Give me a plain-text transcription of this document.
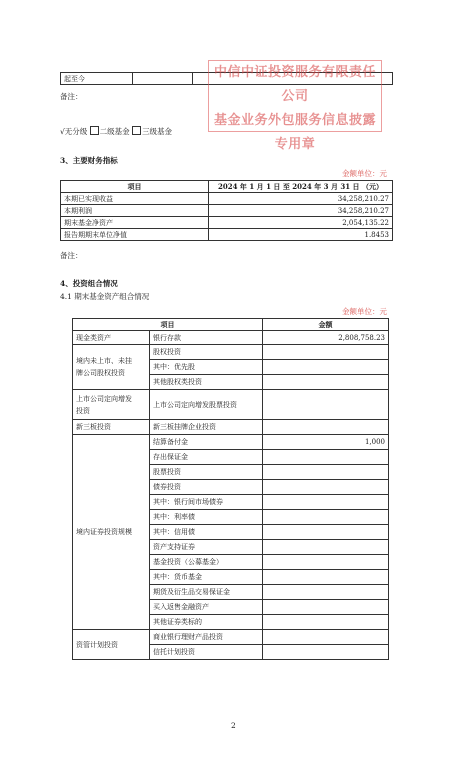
起至今		
备注：
中信中证投资服务有限责任公司
基金业务外包服务信息披露专用章
√无分级 二级基金 三级基金
3、主要财务指标
金额单位：元
项目	2024 年 1 月 1 日 至 2024 年 3 月 31 日 （元）
本期已实现收益	34,258,210.27
本期利润	34,258,210.27
期末基金净资产	2,054,135.22
报告期期末单位净值	1.8453
备注：
4、投资组合情况
4.1 期末基金资产组合情况
金额单位：元
项目		金额
现金类资产	银行存款	2,808,758.23
境内未上市、未挂
牌公司股权投资	股权投资	
	其中：优先股	
	其他股权类投资	
上市公司定向增发
投资	上市公司定向增发股票投资	
新三板投资	新三板挂牌企业投资	
境内证券投资规模	结算备付金	1,000
	存出保证金	
	股票投资	
	债券投资	
	其中：银行间市场债券	
	其中：利率债	
	其中：信用债	
	资产支持证券	
	基金投资（公募基金）	
	其中：货币基金	
	期货及衍生品交易保证金	
	买入返售金融资产	
	其他证券类标的	
资管计划投资	商业银行理财产品投资	
	信托计划投资	
2
